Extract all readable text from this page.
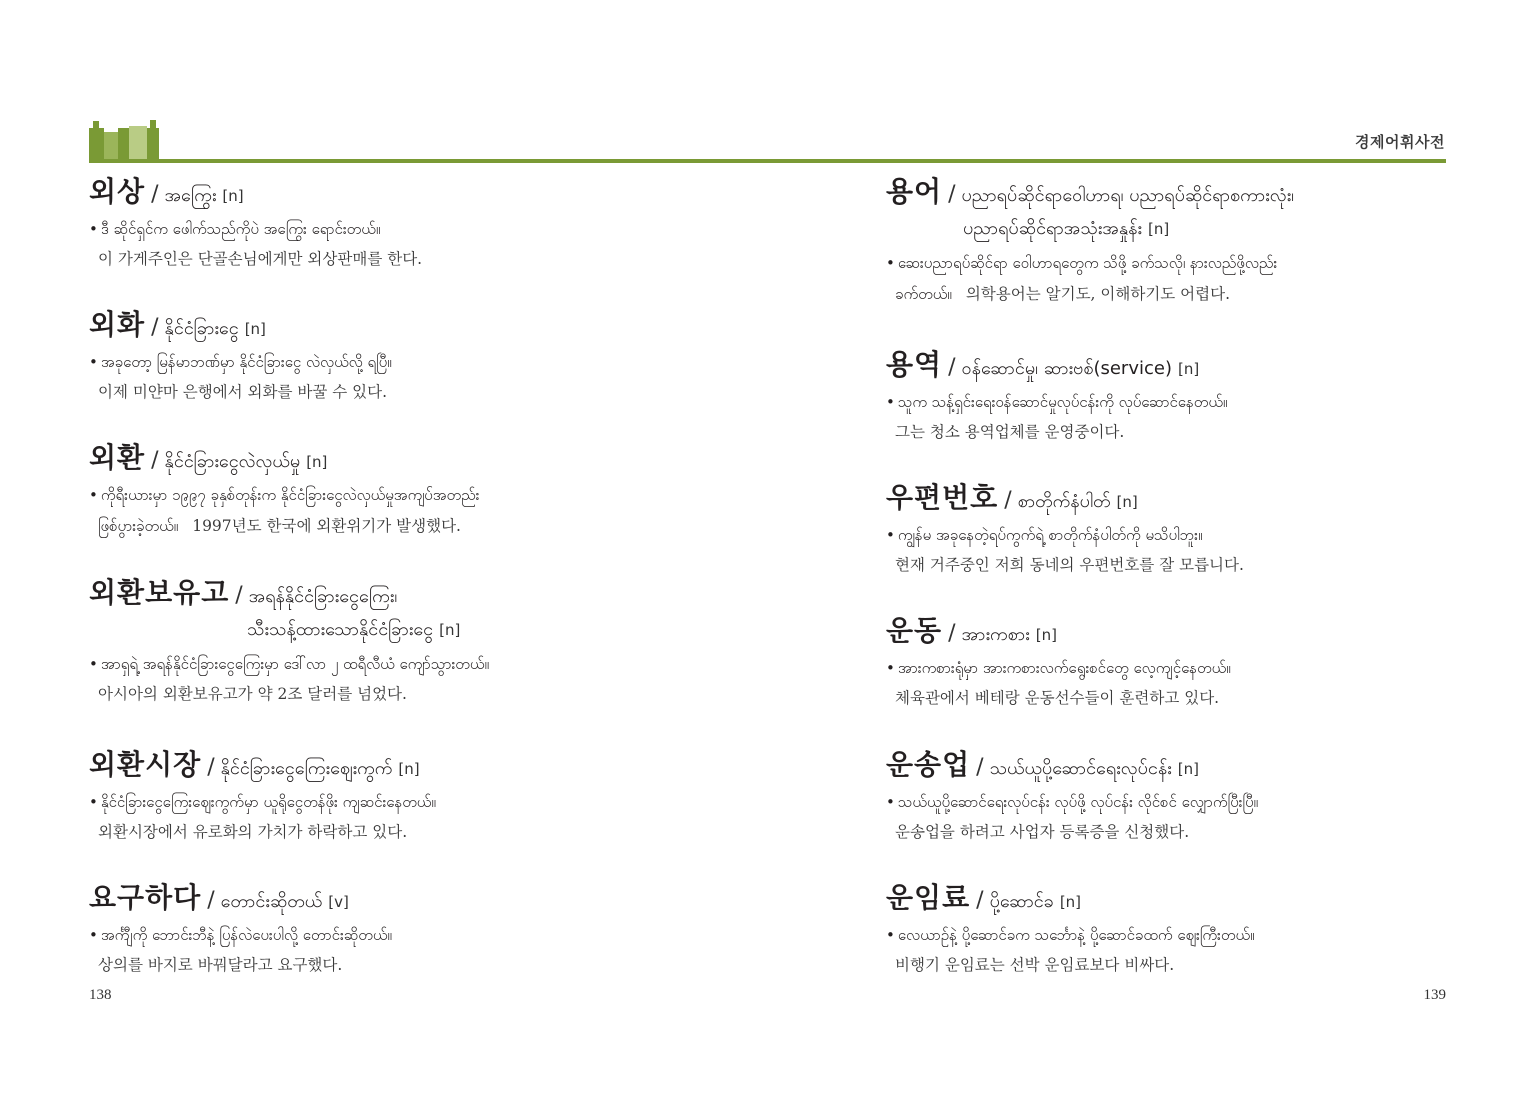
경제어휘사전
외상 / အကြွေး [n]
• ဒီ ဆိုင်ရှင်က ဖေါက်သည်ကိုပဲ အကြွေး ရောင်းတယ်။
이 가게주인은 단골손님에게만 외상판매를 한다.
외화 / နိုင်ငံခြားငွေ [n]
• အခုတော့ မြန်မာဘဏ်မှာ နိုင်ငံခြားငွေ လဲလှယ်လို့ ရပြီ။
이제 미얀마 은행에서 외화를 바꿀 수 있다.
외환 / နိုင်ငံခြားငွေလဲလှယ်မှု [n]
• ကိုရီးယားမှာ ၁၉၉၇ ခုနှစ်တုန်းက နိုင်ငံခြားငွေလဲလှယ်မှုအကျပ်အတည်း
ဖြစ်ပွားခဲ့တယ်။ 1997년도 한국에 외환위기가 발생했다.
외환보유고 / အရန်နိုင်ငံခြားငွေကြေး၊
သီးသန့်ထားသောနိုင်ငံခြားငွေ [n]
• အာရှရဲ့ အရန်နိုင်ငံခြားငွေကြေးမှာ ဒေါ်လာ ၂ ထရီလီယံ ကျော်သွားတယ်။
아시아의 외환보유고가 약 2조 달러를 넘었다.
외환시장 / နိုင်ငံခြားငွေကြေးဈေးကွက် [n]
• နိုင်ငံခြားငွေကြေးဈေးကွက်မှာ ယူရိုငွေတန်ဖိုး ကျဆင်းနေတယ်။
외환시장에서 유로화의 가치가 하락하고 있다.
요구하다 / တောင်းဆိုတယ် [v]
• အင်္ကျီကို ဘောင်းဘီနဲ့ ပြန်လဲပေးပါလို့ တောင်းဆိုတယ်။
상의를 바지로 바꿔달라고 요구했다.
용어 / ပညာရပ်ဆိုင်ရာဝေါဟာရ၊ ပညာရပ်ဆိုင်ရာစကားလုံး၊
ပညာရပ်ဆိုင်ရာအသုံးအနှုန်း [n]
• ဆေးပညာရပ်ဆိုင်ရာ ဝေါဟာရတွေက သိဖို့ ခက်သလို၊ နားလည်ဖို့လည်း
ခက်တယ်။ 의학용어는 알기도, 이해하기도 어렵다.
용역 / ဝန်ဆောင်မှု၊ ဆားဗစ်(service) [n]
• သူက သန့်ရှင်းရေးဝန်ဆောင်မှုလုပ်ငန်းကို လုပ်ဆောင်နေတယ်။
그는 청소 용역업체를 운영중이다.
우편번호 / စာတိုက်နံပါတ် [n]
• ကျွန်မ အခုနေတဲ့ရပ်ကွက်ရဲ့ စာတိုက်နံပါတ်ကို မသိပါဘူး။
현재 거주중인 저희 동네의 우편번호를 잘 모릅니다.
운동 / အားကစား [n]
• အားကစားရုံမှာ အားကစားလက်ရွေးစင်တွေ လေ့ကျင့်နေတယ်။
체육관에서 베테랑 운동선수들이 훈련하고 있다.
운송업 / သယ်ယူပို့ဆောင်ရေးလုပ်ငန်း [n]
• သယ်ယူပို့ဆောင်ရေးလုပ်ငန်း လုပ်ဖို့ လုပ်ငန်း လိုင်စင် လျှောက်ပြီးပြီ။
운송업을 하려고 사업자 등록증을 신청했다.
운임료 / ပို့ဆောင်ခ [n]
• လေယာဉ်နဲ့ ပို့ဆောင်ခက သင်္ဘောနဲ့ ပို့ဆောင်ခထက် ဈေးကြီးတယ်။
비행기 운임료는 선박 운임료보다 비싸다.
138	139
